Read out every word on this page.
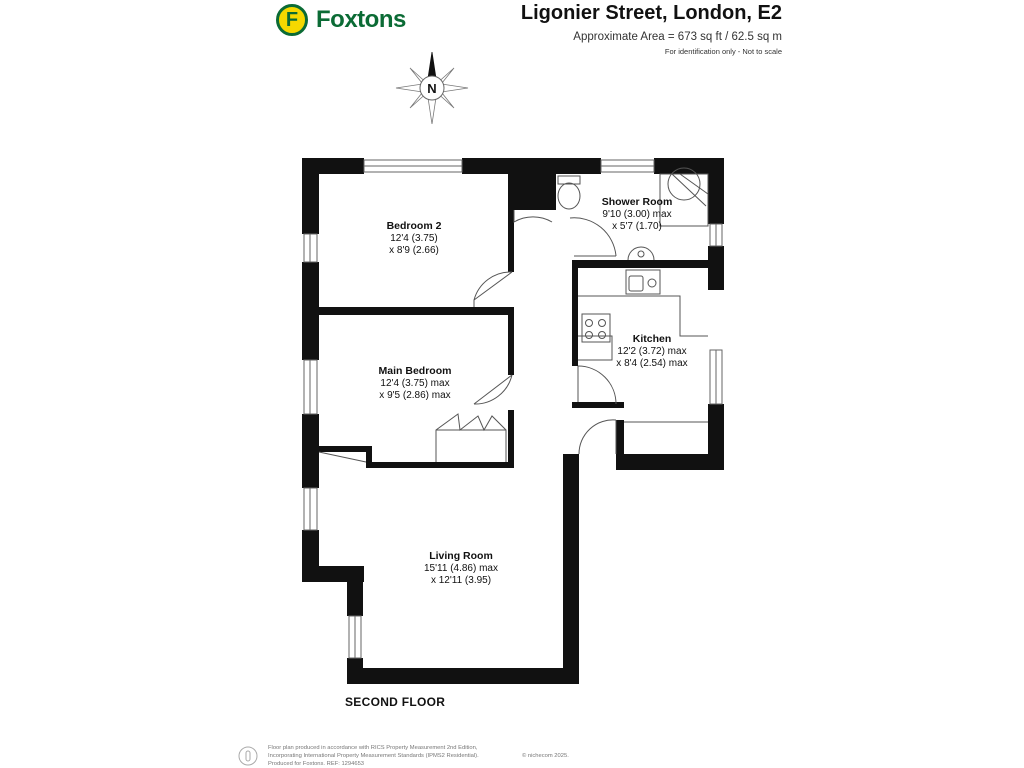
F Foxtons	Ligonier Street, London, E2
Approximate Area = 673 sq ft / 62.5 sq m
For identification only - Not to scale
N
Bedroom 2
12'4 (3.75)
x 8'9 (2.66)
Shower Room
9'10 (3.00) max
x 5'7 (1.70)
Kitchen
12'2 (3.72) max
x 8'4 (2.54) max
Main Bedroom
12'4 (3.75) max
x 9'5 (2.86) max
Living Room
15'11 (4.86) max
x 12'11 (3.95)
SECOND FLOOR
Floor plan produced in accordance with RICS Property Measurement 2nd Edition,
Incorporating International Property Measurement Standards (IPMS2 Residential).
Produced for Foxtons. REF: 1294653
© nichecom 2025.
